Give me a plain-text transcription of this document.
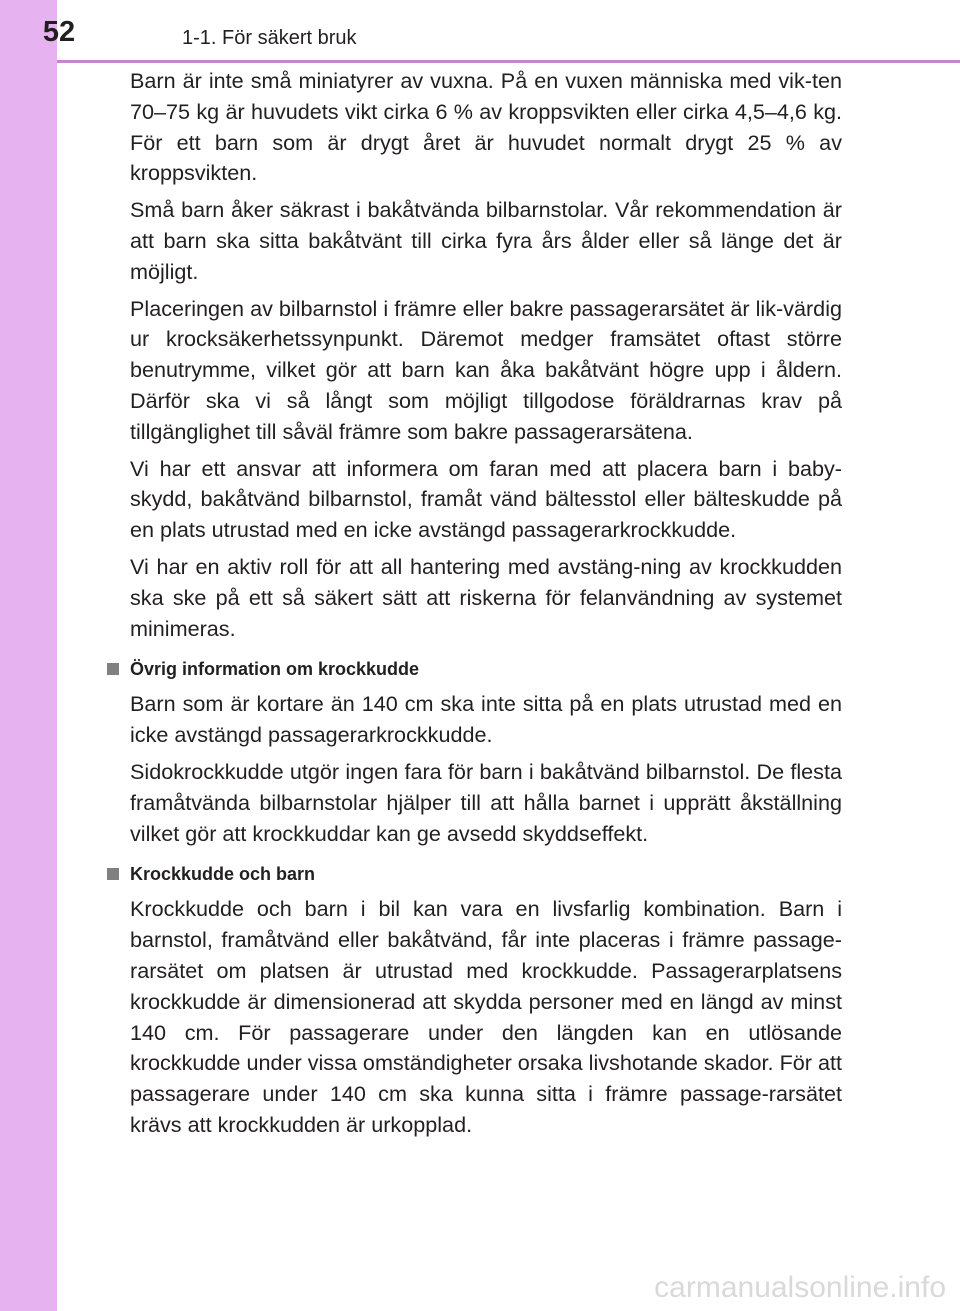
52	1-1. För säkert bruk

Barn är inte små miniatyrer av vuxna. På en vuxen människa med vik-ten 70–75 kg är huvudets vikt cirka 6 % av kroppsvikten eller cirka 4,5–4,6 kg. För ett barn som är drygt året är huvudet normalt drygt 25 % av kroppsvikten.

Små barn åker säkrast i bakåtvända bilbarnstolar. Vår rekommendation är att barn ska sitta bakåtvänt till cirka fyra års ålder eller så länge det är möjligt.

Placeringen av bilbarnstol i främre eller bakre passagerarsätet är lik-värdig ur krocksäkerhetssynpunkt. Däremot medger framsätet oftast större benutrymme, vilket gör att barn kan åka bakåtvänt högre upp i åldern. Därför ska vi så långt som möjligt tillgodose föräldrarnas krav på tillgänglighet till såväl främre som bakre passagerarsätena.

Vi har ett ansvar att informera om faran med att placera barn i baby-skydd, bakåtvänd bilbarnstol, framåt vänd bältesstol eller bälteskudde på en plats utrustad med en icke avstängd passagerarkrockkudde.

Vi har en aktiv roll för att all hantering med avstäng-ning av krockkudden ska ske på ett så säkert sätt att riskerna för felanvändning av systemet minimeras.

Övrig information om krockkudde

Barn som är kortare än 140 cm ska inte sitta på en plats utrustad med en icke avstängd passagerarkrockkudde.

Sidokrockkudde utgör ingen fara för barn i bakåtvänd bilbarnstol. De flesta framåtvända bilbarnstolar hjälper till att hålla barnet i upprätt åkställning vilket gör att krockkuddar kan ge avsedd skyddseffekt.

Krockkudde och barn

Krockkudde och barn i bil kan vara en livsfarlig kombination. Barn i barnstol, framåtvänd eller bakåtvänd, får inte placeras i främre passage-rarsätet om platsen är utrustad med krockkudde. Passagerarplatsens krockkudde är dimensionerad att skydda personer med en längd av minst 140 cm. För passagerare under den längden kan en utlösande krockkudde under vissa omständigheter orsaka livshotande skador. För att passagerare under 140 cm ska kunna sitta i främre passage-rarsätet krävs att krockkudden är urkopplad.

carmanualsonline.info
